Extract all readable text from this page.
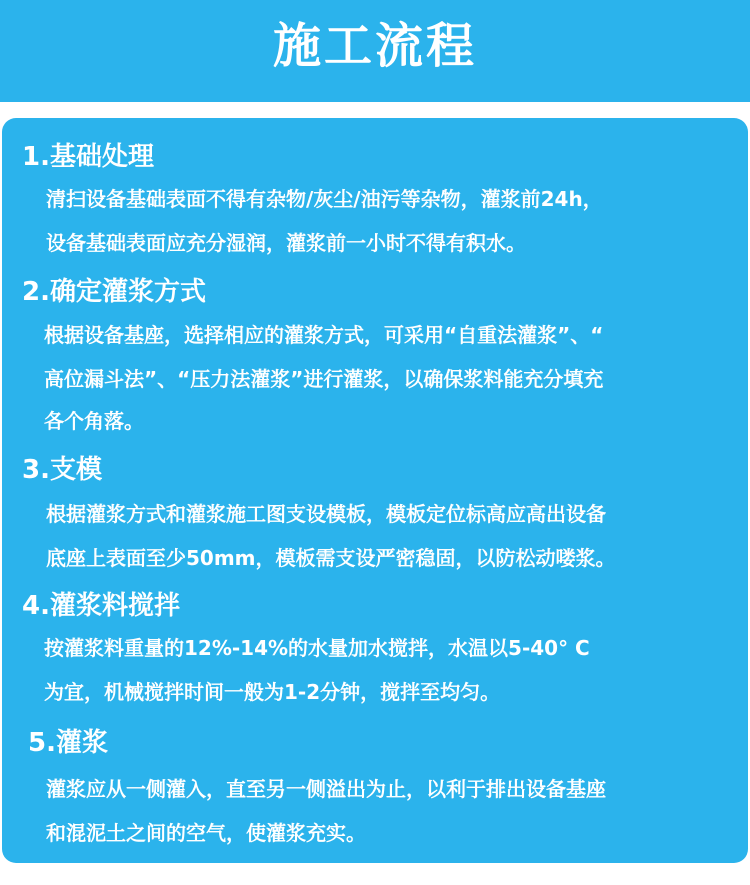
施工流程
1.基础处理
清扫设备基础表面不得有杂物/灰尘/油污等杂物，灌浆前24h，
设备基础表面应充分湿润，灌浆前一小时不得有积水。
2.确定灌浆方式
根据设备基座，选择相应的灌浆方式，可采用“自重法灌浆”、“
高位漏斗法”、“压力法灌浆”进行灌浆，以确保浆料能充分填充
各个角落。
3.支模
根据灌浆方式和灌浆施工图支设模板，模板定位标高应高出设备
底座上表面至少50mm，模板需支设严密稳固，以防松动喽浆。
4.灌浆料搅拌
按灌浆料重量的12%-14%的水量加水搅拌，水温以5-40° C
为宜，机械搅拌时间一般为1-2分钟，搅拌至均匀。
5.灌浆
灌浆应从一侧灌入，直至另一侧溢出为止，以利于排出设备基座
和混泥土之间的空气，使灌浆充实。
